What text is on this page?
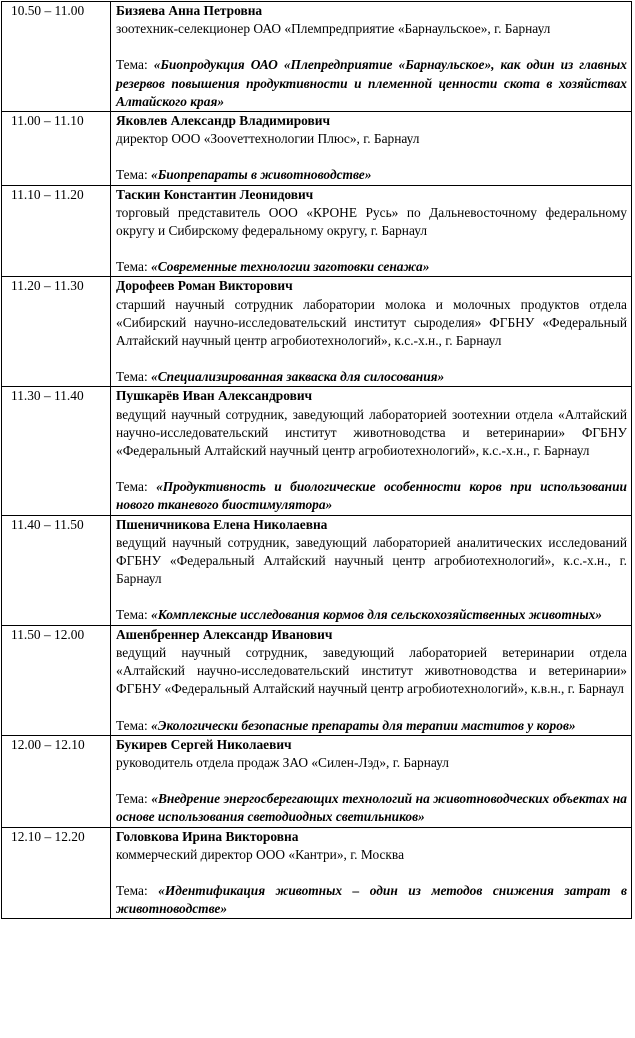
10.50 – 11.00	Бизяева Анна Петровна
зоотехник-селекционер ОАО «Племпредприятие «Барнаульское», г. Барнаул
Тема: «Биопродукция ОАО «Плепредприятие «Барнаульское», как один из главных резервов повышения продуктивности и племенной ценности скота в хозяйствах Алтайского края»

11.00 – 11.10	Яковлев Александр Владимирович
директор ООО «Зоovеттехнологии Плюс», г. Барнаул
Тема: «Биопрепараты в животноводстве»

11.10 – 11.20	Таскин Константин Леонидович
торговый представитель ООО «КРОНЕ Русь» по Дальневосточному федеральному округу и Сибирскому федеральному округу, г. Барнаул
Тема: «Современные технологии заготовки сенажа»

11.20 – 11.30	Дорофеев Роман Викторович
старший научный сотрудник лаборатории молока и молочных продуктов отдела «Сибирский научно-исследовательский институт сыроделия» ФГБНУ «Федеральный Алтайский научный центр агробиотехнологий», к.с.-х.н., г. Барнаул
Тема: «Специализированная закваска для силосования»

11.30 – 11.40	Пушкарёв Иван Александрович
ведущий научный сотрудник, заведующий лабораторией зоотехнии отдела «Алтайский научно-исследовательский институт животноводства и ветеринарии» ФГБНУ «Федеральный Алтайский научный центр агробиотехнологий», к.с.-х.н., г. Барнаул
Тема: «Продуктивность и биологические особенности коров при использовании нового тканевого биостимулятора»

11.40 – 11.50	Пшеничникова Елена Николаевна
ведущий научный сотрудник, заведующий лабораторией аналитических исследований ФГБНУ «Федеральный Алтайский научный центр агробиотехнологий», к.с.-х.н., г. Барнаул
Тема: «Комплексные исследования кормов для сельскохозяйственных животных»

11.50 – 12.00	Ашенбреннер Александр Иванович
ведущий научный сотрудник, заведующий лабораторией ветеринарии отдела «Алтайский научно-исследовательский институт животноводства и ветеринарии» ФГБНУ «Федеральный Алтайский научный центр агробиотехнологий», к.в.н., г. Барнаул
Тема: «Экологически безопасные препараты для терапии маститов у коров»

12.00 – 12.10	Букирев Сергей Николаевич
руководитель отдела продаж ЗАО «Силен-Лэд», г. Барнаул
Тема: «Внедрение энергосберегающих технологий на животноводческих объектах на основе использования светодиодных светильников»

12.10 – 12.20	Головкова Ирина Викторовна
коммерческий директор ООО «Кантри», г. Москва
Тема: «Идентификация животных – один из методов снижения затрат в животноводстве»
